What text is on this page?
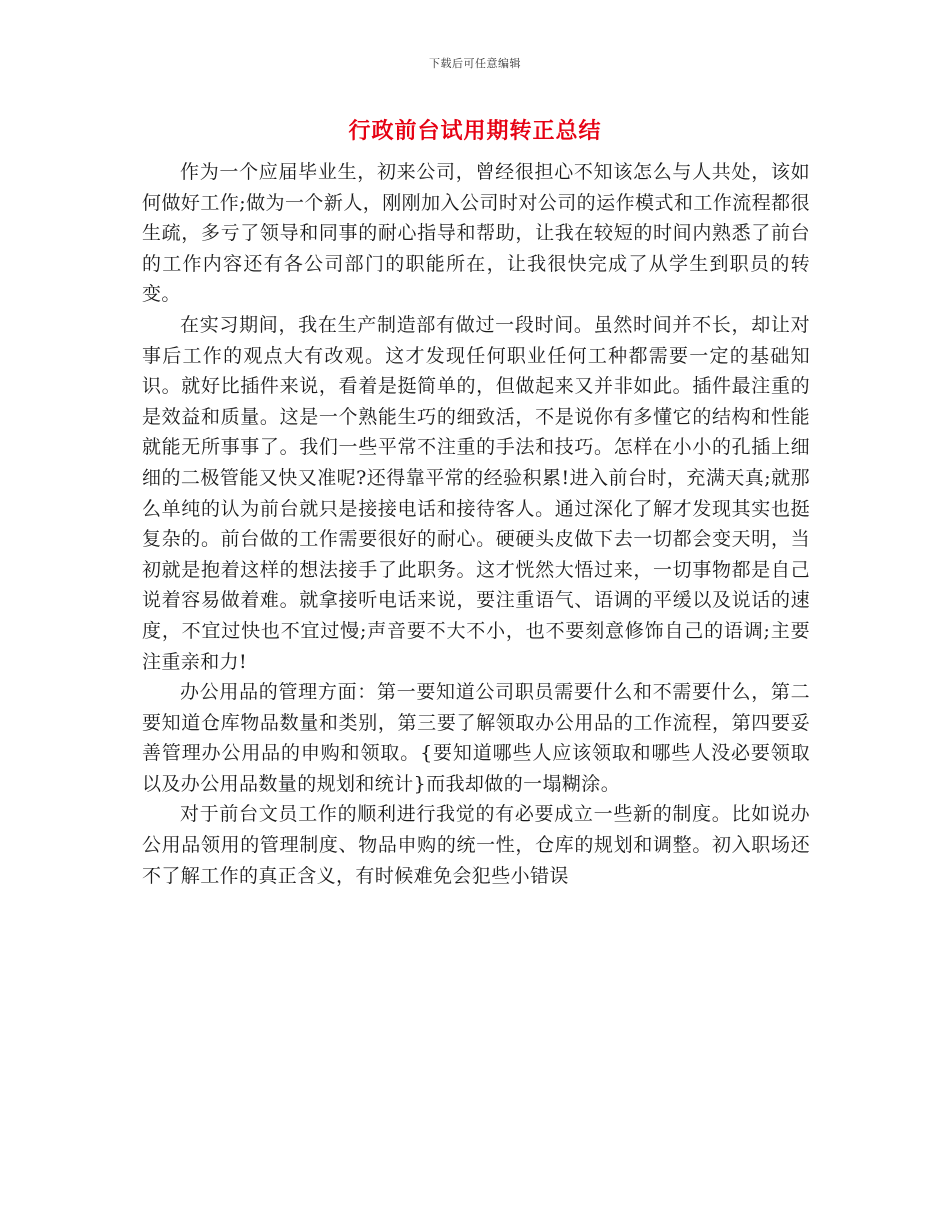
下载后可任意编辑
行政前台试用期转正总结

作为一个应届毕业生，初来公司，曾经很担心不知该怎么与人共处，该如何做好工作;做为一个新人，刚刚加入公司时对公司的运作模式和工作流程都很生疏，多亏了领导和同事的耐心指导和帮助，让我在较短的时间内熟悉了前台的工作内容还有各公司部门的职能所在，让我很快完成了从学生到职员的转变。

在实习期间，我在生产制造部有做过一段时间。虽然时间并不长，却让对事后工作的观点大有改观。这才发现任何职业任何工种都需要一定的基础知识。就好比插件来说，看着是挺简单的，但做起来又并非如此。插件最注重的是效益和质量。这是一个熟能生巧的细致活，不是说你有多懂它的结构和性能就能无所事事了。我们一些平常不注重的手法和技巧。怎样在小小的孔插上细细的二极管能又快又准呢?还得靠平常的经验积累!进入前台时，充满天真;就那么单纯的认为前台就只是接接电话和接待客人。通过深化了解才发现其实也挺复杂的。前台做的工作需要很好的耐心。硬硬头皮做下去一切都会变天明，当初就是抱着这样的想法接手了此职务。这才恍然大悟过来，一切事物都是自己说着容易做着难。就拿接听电话来说，要注重语气、语调的平缓以及说话的速度，不宜过快也不宜过慢;声音要不大不小，也不要刻意修饰自己的语调;主要注重亲和力!

办公用品的管理方面：第一要知道公司职员需要什么和不需要什么，第二要知道仓库物品数量和类别，第三要了解领取办公用品的工作流程，第四要妥善管理办公用品的申购和领取。{要知道哪些人应该领取和哪些人没必要领取以及办公用品数量的规划和统计}而我却做的一塌糊涂。

对于前台文员工作的顺利进行我觉的有必要成立一些新的制度。比如说办公用品领用的管理制度、物品申购的统一性，仓库的规划和调整。初入职场还不了解工作的真正含义，有时候难免会犯些小错误
